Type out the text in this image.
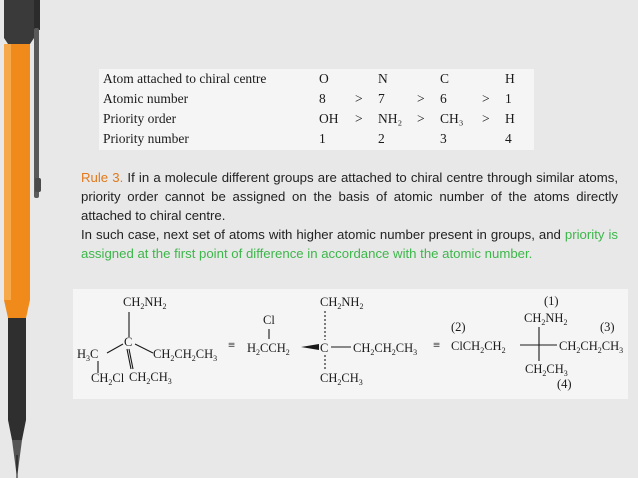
Atom attached to chiral centre	O		N		C		H
Atomic number	8	>	7	>	6	>	1
Priority order	OH	>	NH₂	>	CH₃	>	H
Priority number	1		2		3		4

Rule 3. If in a molecule different groups are attached to chiral centre through similar atoms, priority order cannot be assigned on the basis of atomic number of the atoms directly attached to chiral centre.

In such case, next set of atoms with higher atomic number present in groups, and priority is assigned at the first point of difference in accordance with the atomic number.

$CH_2NH_2$
C
$H_3C$	$CH_2CH_2CH_3$
$CH_2Cl$ $CH_2CH_3$
≡
Cl
$H_2CCH_2$ C
$CH_2NH_2$
$CH_2CH_2CH_3$
$CH_2CH_3$
≡
(1)
$CH_2NH_2$
(2)	(3)
$ClCH_2CH_2$	$CH_2CH_2CH_3$
$CH_2CH_3$
(4)
